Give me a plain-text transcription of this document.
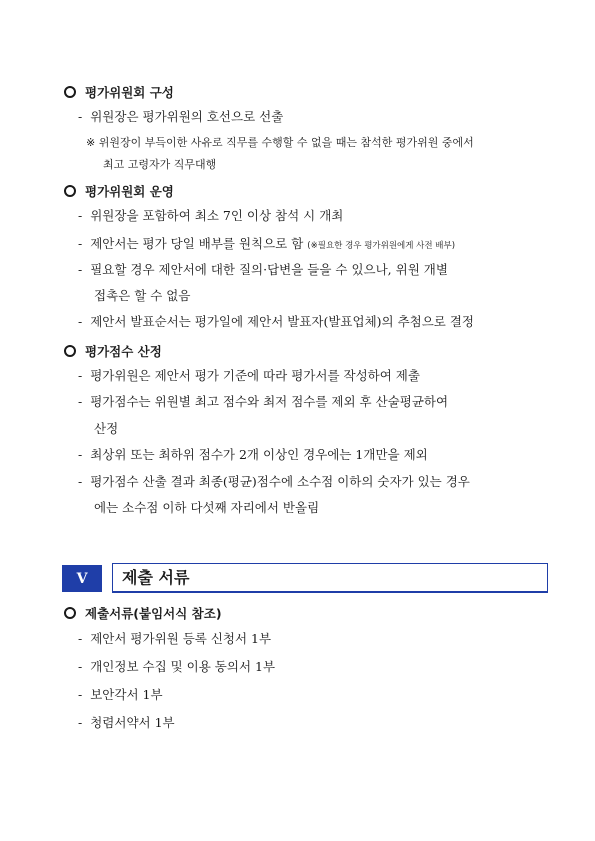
평가위원회 구성
- 위원장은 평가위원의 호선으로 선출
※ 위원장이 부득이한 사유로 직무를 수행할 수 없을 때는 참석한 평가위원 중에서
최고 고령자가 직무대행
평가위원회 운영
- 위원장을 포함하여 최소 7인 이상 참석 시 개최
- 제안서는 평가 당일 배부를 원칙으로 함 (※필요한 경우 평가위원에게 사전 배부)
- 필요할 경우 제안서에 대한 질의·답변을 들을 수 있으나, 위원 개별
접촉은 할 수 없음
- 제안서 발표순서는 평가일에 제안서 발표자(발표업체)의 추첨으로 결정
평가점수 산정
- 평가위원은 제안서 평가 기준에 따라 평가서를 작성하여 제출
- 평가점수는 위원별 최고 점수와 최저 점수를 제외 후 산술평균하여
산정
- 최상위 또는 최하위 점수가 2개 이상인 경우에는 1개만을 제외
- 평가점수 산출 결과 최종(평균)점수에 소수점 이하의 숫자가 있는 경우
에는 소수점 이하 다섯째 자리에서 반올림
V	제출 서류
제출서류(붙임서식 참조)
- 제안서 평가위원 등록 신청서 1부
- 개인정보 수집 및 이용 동의서 1부
- 보안각서 1부
- 청렴서약서 1부
